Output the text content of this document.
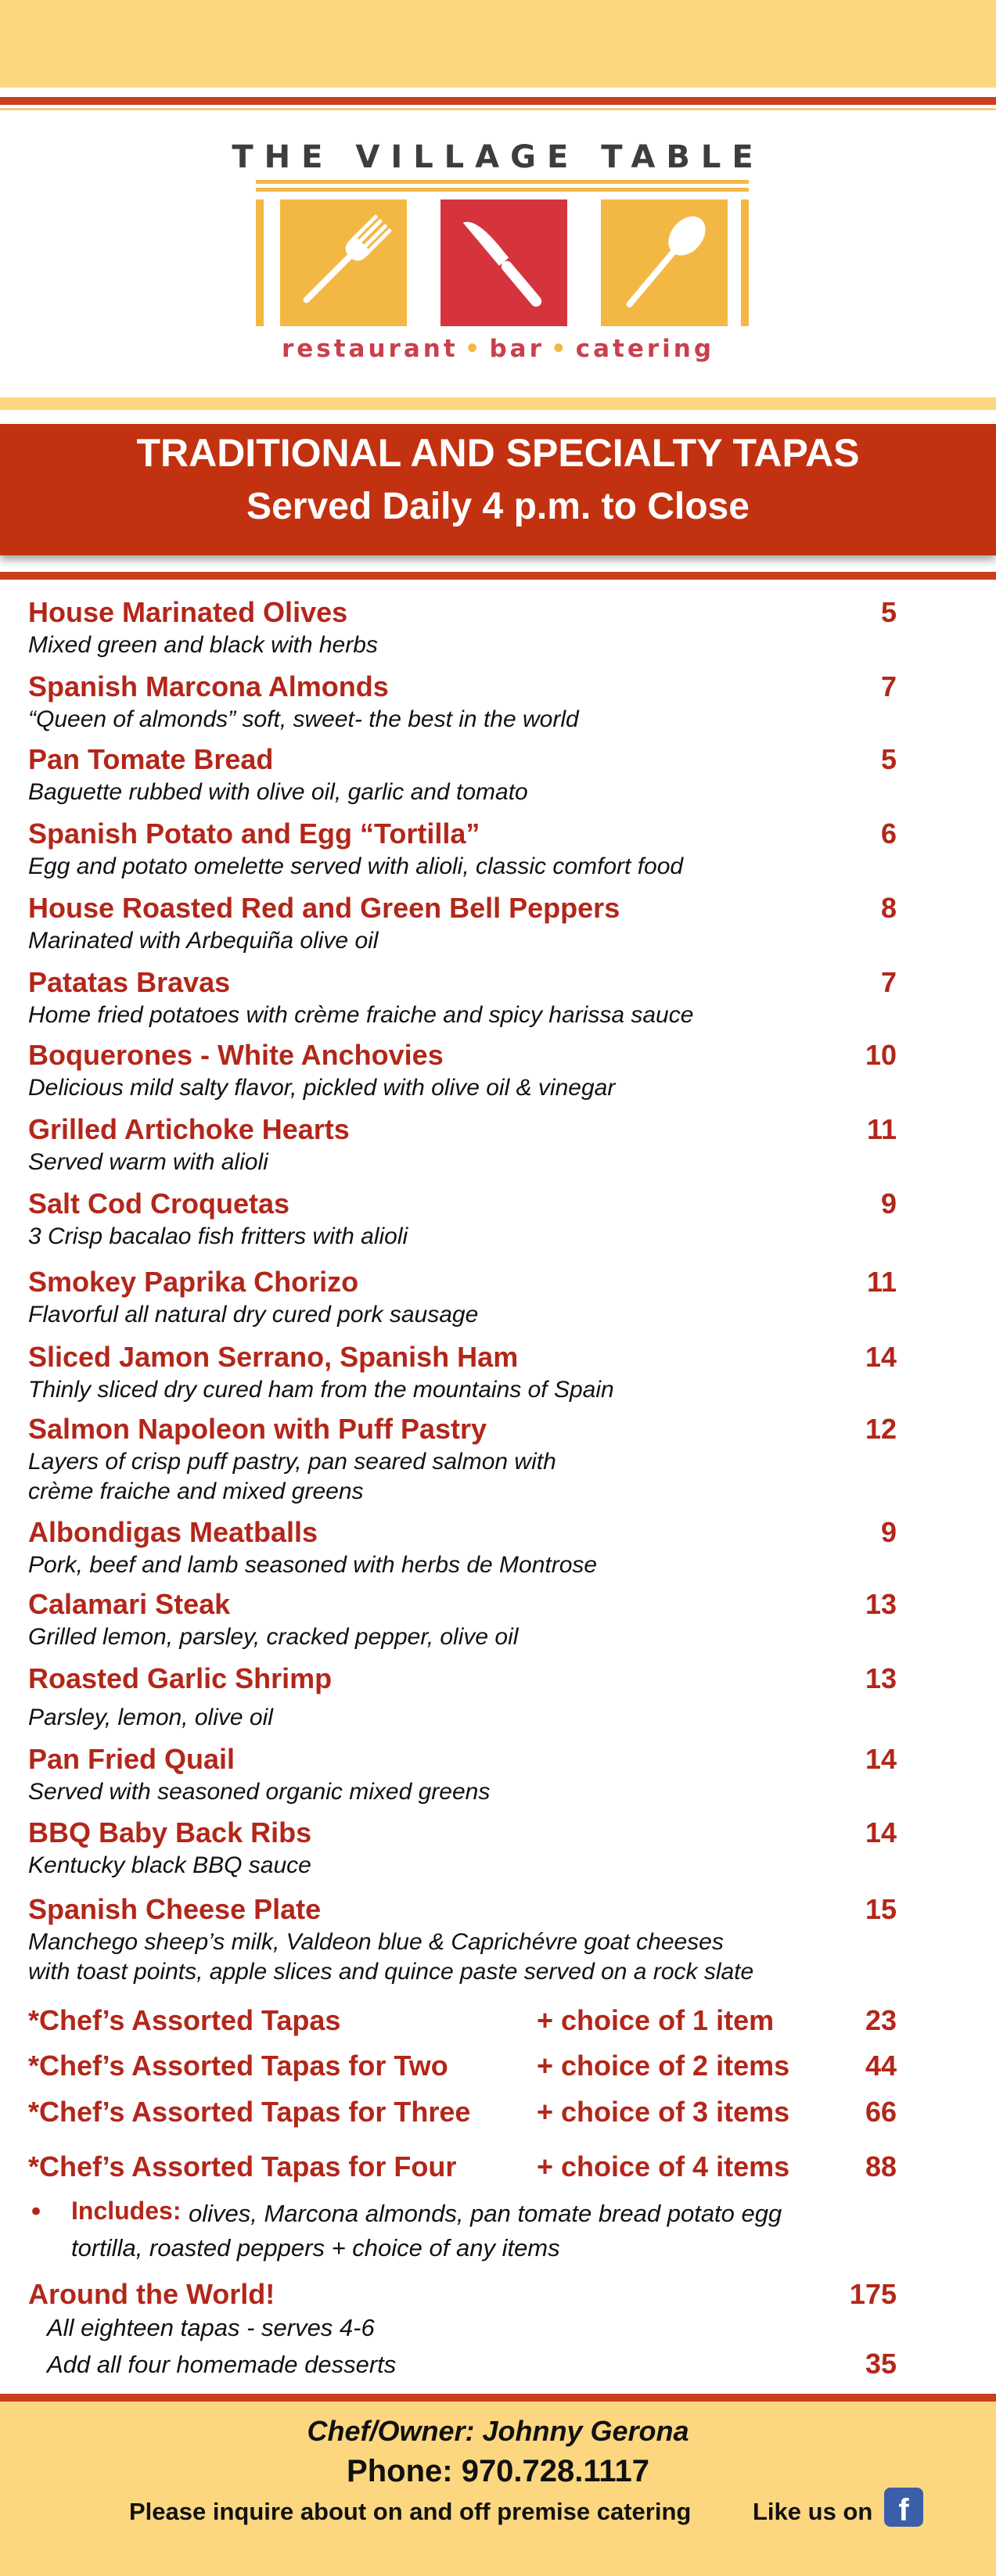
THE VILLAGE TABLE
restaurant • bar • catering
TRADITIONAL AND SPECIALTY TAPAS
Served Daily 4 p.m. to Close
House Marinated Olives	5
Mixed green and black with herbs
Spanish Marcona Almonds	7
“Queen of almonds” soft, sweet- the best in the world
Pan Tomate Bread	5
Baguette rubbed with olive oil, garlic and tomato
Spanish Potato and Egg “Tortilla”	6
Egg and potato omelette served with alioli, classic comfort food
House Roasted Red and Green Bell Peppers	8
Marinated with Arbequiña olive oil
Patatas Bravas	7
Home fried potatoes with crème fraiche and spicy harissa sauce
Boquerones - White Anchovies	10
Delicious mild salty flavor, pickled with olive oil & vinegar
Grilled Artichoke Hearts	11
Served warm with alioli
Salt Cod Croquetas	9
3 Crisp bacalao fish fritters with alioli
Smokey Paprika Chorizo	11
Flavorful all natural dry cured pork sausage
Sliced Jamon Serrano, Spanish Ham	14
Thinly sliced dry cured ham from the mountains of Spain
Salmon Napoleon with Puff Pastry	12
Layers of crisp puff pastry, pan seared salmon with
crème fraiche and mixed greens
Albondigas Meatballs	9
Pork, beef and lamb seasoned with herbs de Montrose
Calamari Steak	13
Grilled lemon, parsley, cracked pepper, olive oil
Roasted Garlic Shrimp	13
Parsley, lemon, olive oil
Pan Fried Quail	14
Served with seasoned organic mixed greens
BBQ Baby Back Ribs	14
Kentucky black BBQ sauce
Spanish Cheese Plate	15
Manchego sheep’s milk, Valdeon blue & Caprichévre goat cheeses
with toast points, apple slices and quince paste served on a rock slate
*Chef’s Assorted Tapas	+ choice of 1 item	23
*Chef’s Assorted Tapas for Two	+ choice of 2 items	44
*Chef’s Assorted Tapas for Three + choice of 3 items	66
*Chef’s Assorted Tapas for Four	+ choice of 4 items	88
• Includes: olives, Marcona almonds, pan tomate bread potato egg tortilla, roasted peppers + choice of any items
Around the World!	175
All eighteen tapas - serves 4-6
Add all four homemade desserts	35
Chef/Owner: Johnny Gerona
Phone: 970.728.1117
Please inquire about on and off premise catering	Like us on f
